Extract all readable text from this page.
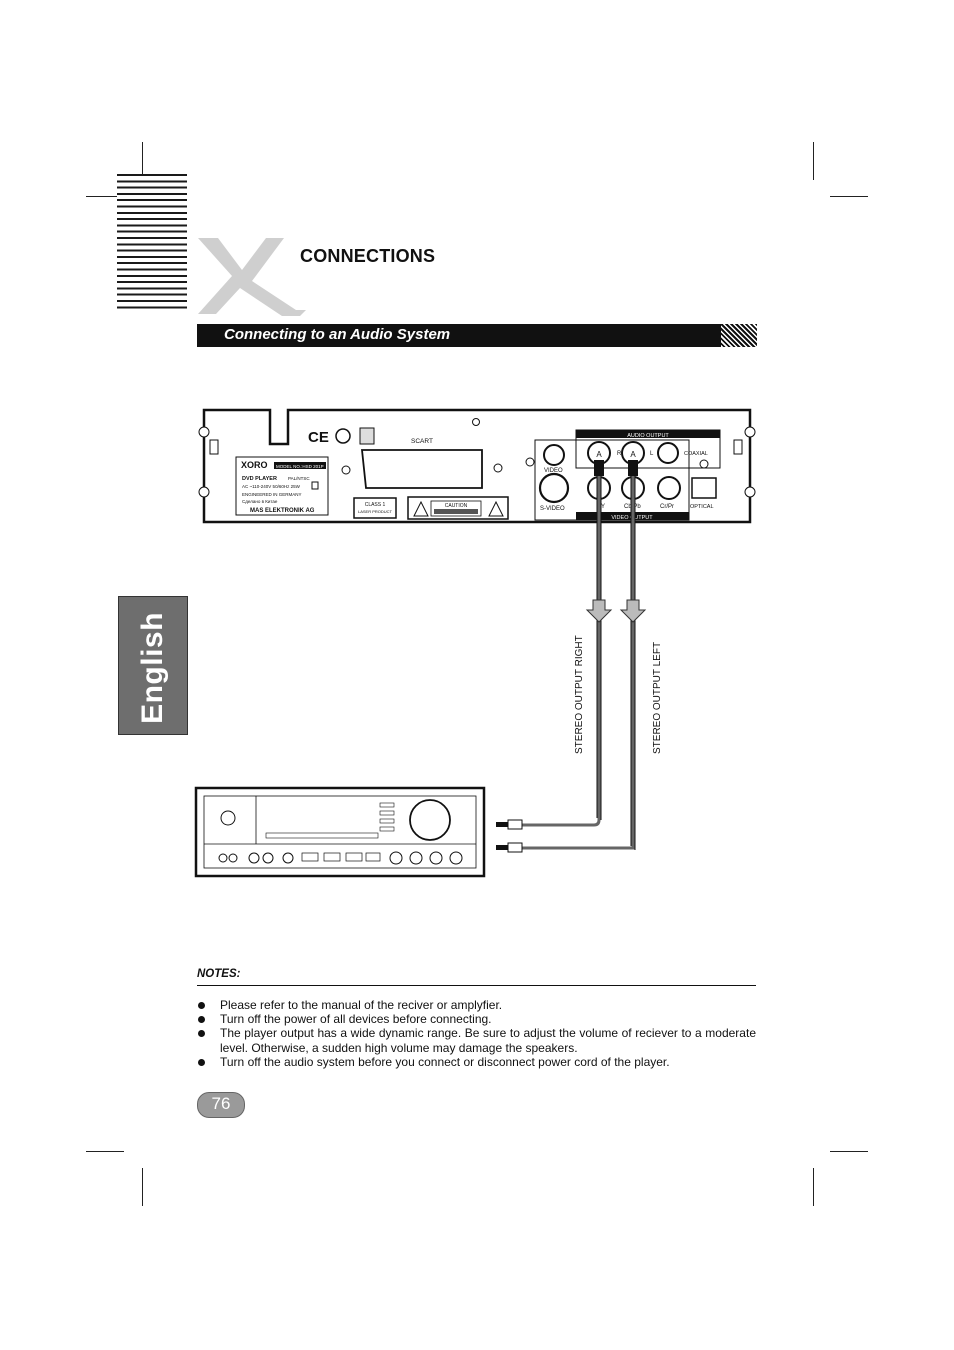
CONNECTIONS
Connecting to an Audio System
English
CE
XORO MODEL NO.:HSD 201P
DVD PLAYER PAL/NTSC
AC ~110-240V 50/60Hz 25W
ENGINEERED IN GERMANY
Сделано в Китае
MAS ELEKTRONIK AG
SCART
CLASS 1
LASER PRODUCT
CAUTION
AUDIO OUTPUT
VIDEO OUTPUT
A	R A L	COAXIAL
VIDEO
S-VIDEO	Y	Cb/Pb	Cr/Pr	OPTICAL
STEREO OUTPUT RIGHT	STEREO OUTPUT LEFT
NOTES:
Please refer to the manual of the reciver or amplyfier.
Turn off the power of all devices before connecting.
The player output has a wide dynamic range. Be sure to adjust the volume of reciever to a moderate level. Otherwise, a sudden high volume may damage the speakers.
Turn off the audio system before you connect or disconnect power cord of the player.
76
